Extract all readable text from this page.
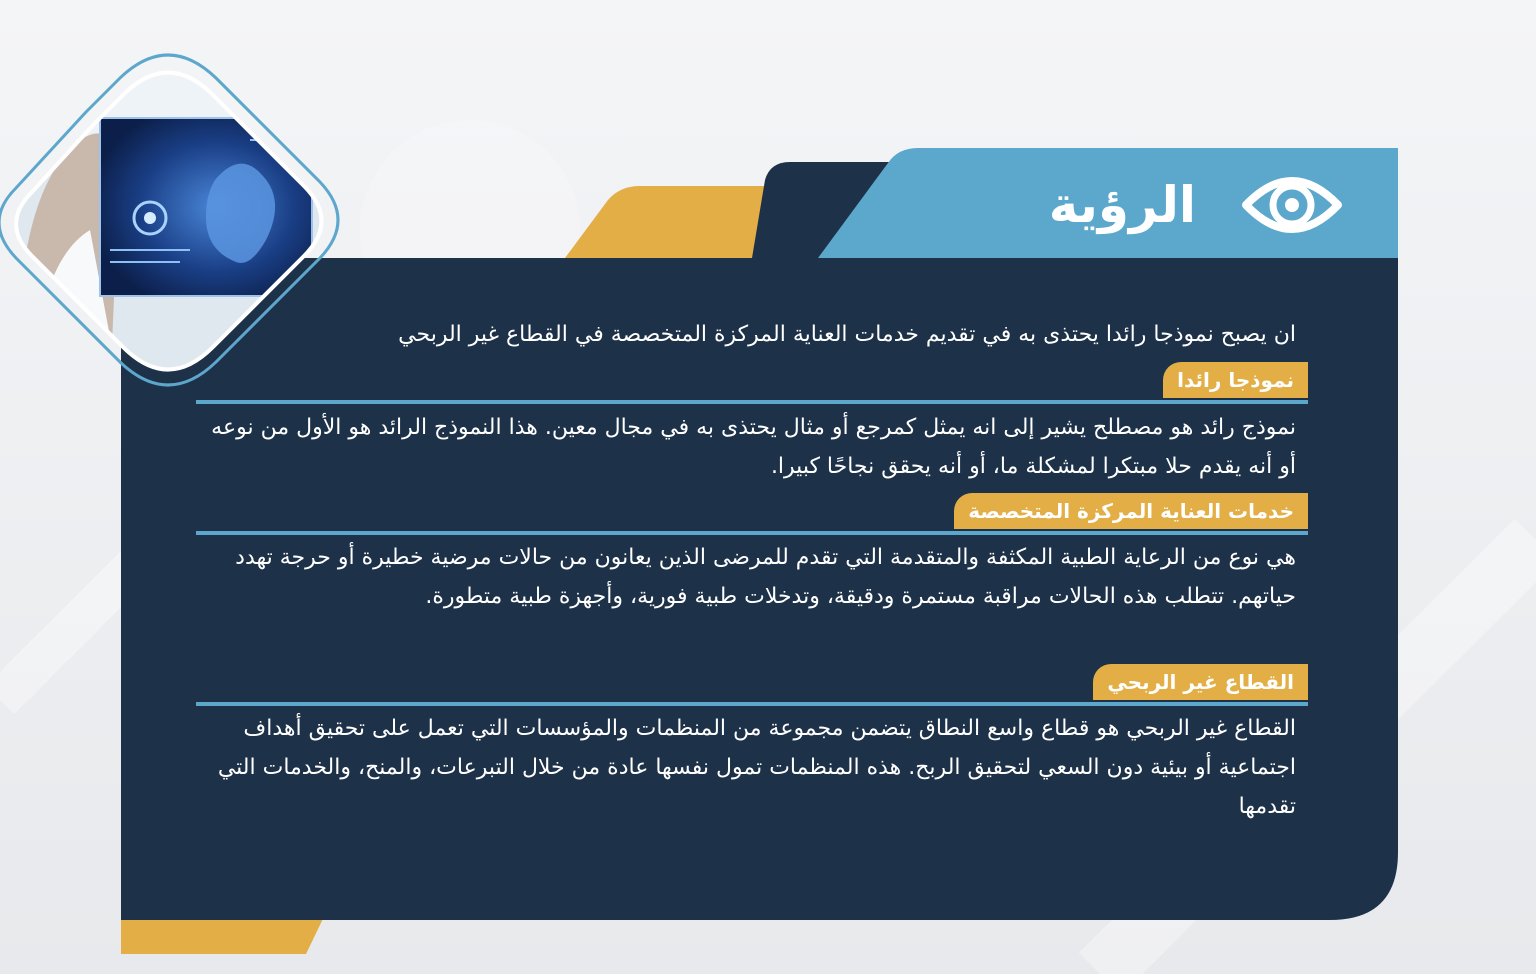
الرؤية
ان يصبح نموذجا رائدا يحتذى به في تقديم خدمات العناية المركزة المتخصصة في القطاع غير الربحي
نموذجا رائدا
نموذج رائد هو مصطلح يشير إلى انه يمثل كمرجع أو مثال يحتذى به في مجال معين. هذا النموذج الرائد هو الأول من نوعه أو أنه يقدم حلا مبتكرا لمشكلة ما، أو أنه يحقق نجاحًا كبيرا.
خدمات العناية المركزة المتخصصة
هي نوع من الرعاية الطبية المكثفة والمتقدمة التي تقدم للمرضى الذين يعانون من حالات مرضية خطيرة أو حرجة تهدد حياتهم. تتطلب هذه الحالات مراقبة مستمرة ودقيقة، وتدخلات طبية فورية، وأجهزة طبية متطورة.
القطاع غير الربحي
القطاع غير الربحي هو قطاع واسع النطاق يتضمن مجموعة من المنظمات والمؤسسات التي تعمل على تحقيق أهداف اجتماعية أو بيئية دون السعي لتحقيق الربح. هذه المنظمات تمول نفسها عادة من خلال التبرعات، والمنح، والخدمات التي تقدمها
